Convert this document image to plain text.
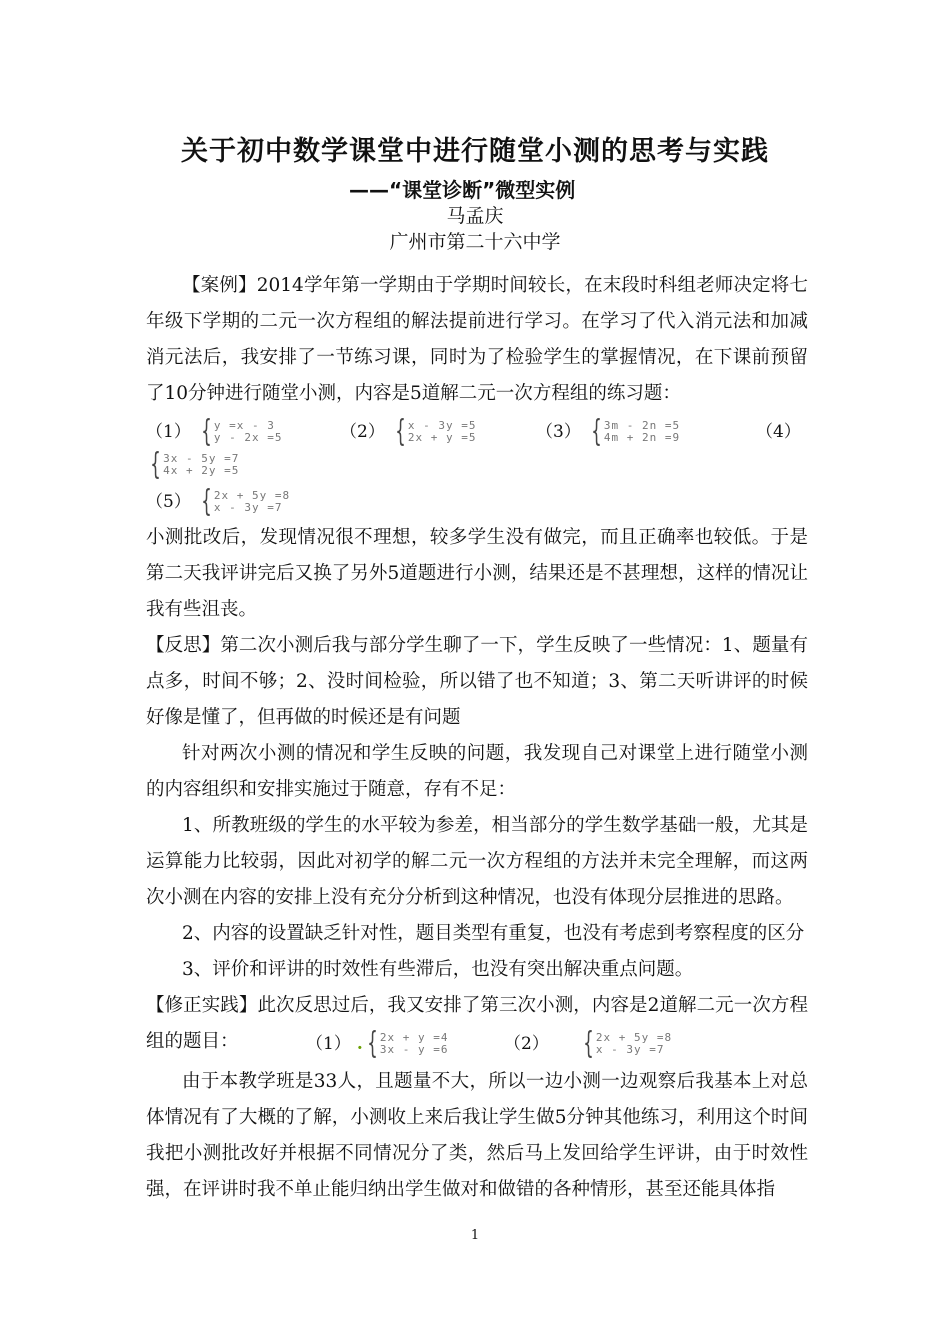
关于初中数学课堂中进行随堂小测的思考与实践
——“课堂诊断”微型实例
马孟庆
广州市第二十六中学

【案例】2014学年第一学期由于学期时间较长，在末段时科组老师决定将七年级下学期的二元一次方程组的解法提前进行学习。在学习了代入消元法和加减消元法后，我安排了一节练习课，同时为了检验学生的掌握情况，在下课前预留了10分钟进行随堂小测，内容是5道解二元一次方程组的练习题：

（1） { y =x - 3
y - 2x =5	（2） { x - 3y =5
2x + y =5	（3） { 3m - 2n =5
4m + 2n =9	（4）
{ 3x - 5y =7
4x + 2y =5
（5） { 2x + 5y =8
x - 3y =7

小测批改后，发现情况很不理想，较多学生没有做完，而且正确率也较低。于是第二天我评讲完后又换了另外5道题进行小测，结果还是不甚理想，这样的情况让我有些沮丧。

【反思】第二次小测后我与部分学生聊了一下，学生反映了一些情况：1、题量有点多，时间不够；2、没时间检验，所以错了也不知道；3、第二天听讲评的时候好像是懂了，但再做的时候还是有问题

针对两次小测的情况和学生反映的问题，我发现自己对课堂上进行随堂小测的内容组织和安排实施过于随意，存有不足：

1、所教班级的学生的水平较为参差，相当部分的学生数学基础一般，尤其是运算能力比较弱，因此对初学的解二元一次方程组的方法并未完全理解，而这两次小测在内容的安排上没有充分分析到这种情况，也没有体现分层推进的思路。

2、内容的设置缺乏针对性，题目类型有重复，也没有考虑到考察程度的区分

3、评价和评讲的时效性有些滞后，也没有突出解决重点问题。

【修正实践】此次反思过后，我又安排了第三次小测，内容是2道解二元一次方程组的题目：	（1） . { 2x + y =4
3x - y =6	（2） { 2x + 5y =8
x - 3y =7

由于本教学班是33人，且题量不大，所以一边小测一边观察后我基本上对总体情况有了大概的了解，小测收上来后我让学生做5分钟其他练习，利用这个时间我把小测批改好并根据不同情况分了类，然后马上发回给学生评讲，由于时效性强，在评讲时我不单止能归纳出学生做对和做错的各种情形，甚至还能具体指

1
